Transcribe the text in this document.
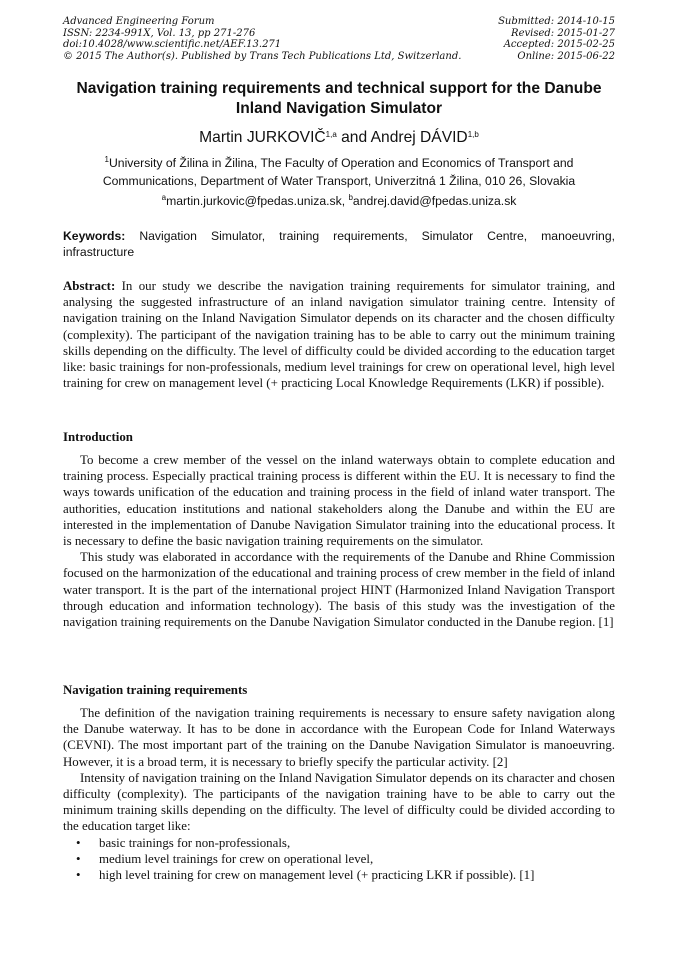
Advanced Engineering Forum
ISSN: 2234-991X, Vol. 13, pp 271-276
doi:10.4028/www.scientific.net/AEF.13.271
© 2015 The Author(s). Published by Trans Tech Publications Ltd, Switzerland.
Submitted: 2014-10-15
Revised: 2015-01-27
Accepted: 2015-02-25
Online: 2015-06-22
Navigation training requirements and technical support for the Danube
Inland Navigation Simulator
Martin JURKOVIČ$^{1,a}$ and Andrej DÁVID$^{1,b}$
$^1$University of Žilina in Žilina, The Faculty of Operation and Economics of Transport and
Communications, Department of Water Transport, Univerzitná 1 Žilina, 010 26, Slovakia
$^a$martin.jurkovic@fpedas.uniza.sk, $^b$andrej.david@fpedas.uniza.sk
Keywords: Navigation Simulator, training requirements, Simulator Centre, manoeuvring, infrastructure
Abstract: In our study we describe the navigation training requirements for simulator training, and analysing the suggested infrastructure of an inland navigation simulator training centre. Intensity of navigation training on the Inland Navigation Simulator depends on its character and the chosen difficulty (complexity). The participant of the navigation training has to be able to carry out the minimum training skills depending on the difficulty. The level of difficulty could be divided according to the education target like: basic trainings for non-professionals, medium level trainings for crew on operational level, high level training for crew on management level (+ practicing Local Knowledge Requirements (LKR) if possible).
Introduction

To become a crew member of the vessel on the inland waterways obtain to complete education and training process. Especially practical training process is different within the EU. It is necessary to find the ways towards unification of the education and training process in the field of inland water transport. The authorities, education institutions and national stakeholders along the Danube and within the EU are interested in the implementation of Danube Navigation Simulator training into the educational process. It is necessary to define the basic navigation training requirements on the simulator.

This study was elaborated in accordance with the requirements of the Danube and Rhine Commission focused on the harmonization of the educational and training process of crew member in the field of inland water transport. It is the part of the international project HINT (Harmonized Inland Navigation Transport through education and information technology). The basis of this study was the investigation of the navigation training requirements on the Danube Navigation Simulator conducted in the Danube region. [1]

Navigation training requirements

The definition of the navigation training requirements is necessary to ensure safety navigation along the Danube waterway. It has to be done in accordance with the European Code for Inland Waterways (CEVNI). The most important part of the training on the Danube Navigation Simulator is manoeuvring. However, it is a broad term, it is necessary to briefly specify the particular activity. [2]

Intensity of navigation training on the Inland Navigation Simulator depends on its character and chosen difficulty (complexity). The participants of the navigation training have to be able to carry out the minimum training skills depending on the difficulty. The level of difficulty could be divided according to the education target like:

• basic trainings for non-professionals,
• medium level trainings for crew on operational level,
• high level training for crew on management level (+ practicing LKR if possible). [1]
